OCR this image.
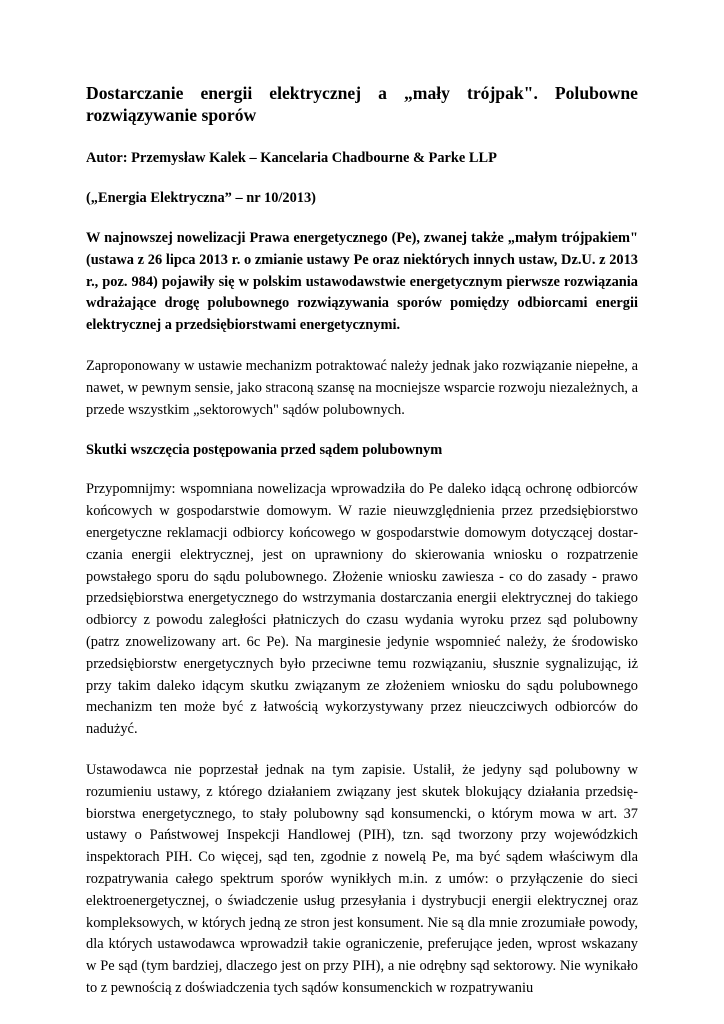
Dostarczanie energii elektrycznej a „mały trójpak". Polubowne rozwiązywanie sporów

Autor: Przemysław Kalek – Kancelaria Chadbourne & Parke LLP

(„Energia Elektryczna” – nr 10/2013)

W najnowszej nowelizacji Prawa energetycznego (Pe), zwanej także „małym trójpakiem" (ustawa z 26 lipca 2013 r. o zmianie ustawy Pe oraz niektórych innych ustaw, Dz.U. z 2013 r., poz. 984) pojawiły się w polskim ustawodawstwie energetycznym pierwsze rozwiązania wdrażające drogę polubownego rozwiązywania sporów pomiędzy odbiorcami energii elektrycznej a przedsiębiorstwami energetycznymi.

Zaproponowany w ustawie mechanizm potraktować należy jednak jako rozwiązanie niepełne, a nawet, w pewnym sensie, jako straconą szansę na mocniejsze wsparcie rozwoju niezależnych, a przede wszystkim „sektorowych" sądów polubownych.

Skutki wszczęcia postępowania przed sądem polubownym

Przypomnijmy: wspomniana nowelizacja wprowadziła do Pe daleko idącą ochronę odbiorców końcowych w gospodarstwie domowym. W razie nieuwzględnienia przez przedsiębiorstwo energetyczne reklamacji odbiorcy końcowego w gospodarstwie domowym dotyczącej dostarczania energii elektrycznej, jest on uprawniony do skierowania wniosku o rozpatrzenie powstałego sporu do sądu polubownego. Złożenie wniosku zawiesza - co do zasady - prawo przedsiębiorstwa energetycznego do wstrzymania dostarczania energii elektrycznej do takiego odbiorcy z powodu zaległości płatniczych do czasu wydania wyroku przez sąd polubowny (patrz znowelizowany art. 6c Pe). Na marginesie jedynie wspomnieć należy, że środowisko przedsiębiorstw energetycznych było przeciwne temu rozwiązaniu, słusznie sygnalizując, iż przy takim daleko idącym skutku związanym ze złożeniem wniosku do sądu polubownego mechanizm ten może być z łatwością wykorzystywany przez nieuczciwych odbiorców do nadużyć.

Ustawodawca nie poprzestał jednak na tym zapisie. Ustalił, że jedyny sąd polubowny w rozumieniu ustawy, z którego działaniem związany jest skutek blokujący działania przedsiębiorstwa energetycznego, to stały polubowny sąd konsumencki, o którym mowa w art. 37 ustawy o Państwowej Inspekcji Handlowej (PIH), tzn. sąd tworzony przy wojewódzkich inspektorach PIH. Co więcej, sąd ten, zgodnie z nowelą Pe, ma być sądem właściwym dla rozpatrywania całego spektrum sporów wynikłych m.in. z umów: o przyłączenie do sieci elektroenergetycznej, o świadczenie usług przesyłania i dystrybucji energii elektrycznej oraz kompleksowych, w których jedną ze stron jest konsument. Nie są dla mnie zrozumiałe powody, dla których ustawodawca wprowadził takie ograniczenie, preferujące jeden, wprost wskazany w Pe sąd (tym bardziej, dlaczego jest on przy PIH), a nie odrębny sąd sektorowy. Nie wynikało to z pewnością z doświadczenia tych sądów konsumenckich w rozpatrywaniu
